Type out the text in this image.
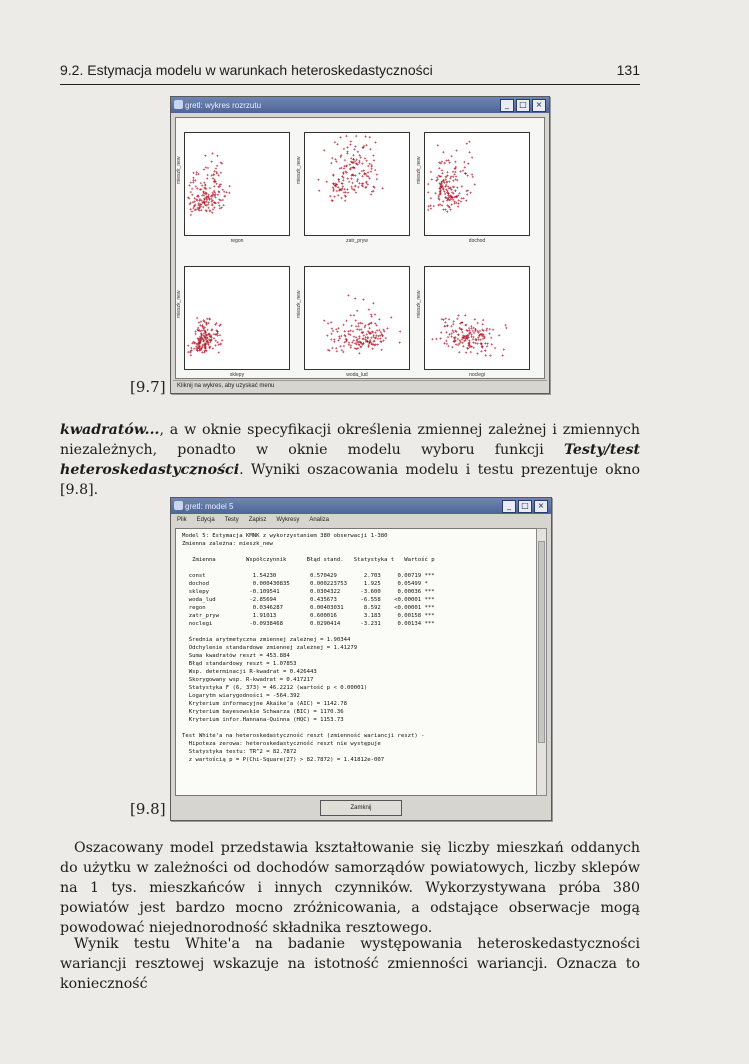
9.2. Estymacja modelu w warunkach heteroskedastyczności	131
gretl: wykres rozrzutu	_	□	×
regon
mieszk_new
zatr_pryw
mieszk_new
dochod
mieszk_new
sklepy
mieszk_new
woda_lud
mieszk_new
noclegi
mieszk_new
Kliknij na wykres, aby uzyskać menu
[9.7]
kwadratów..., a w oknie specyfikacji określenia zmiennej zależnej i zmiennych niezależnych, ponadto w oknie modelu wyboru funkcji Testy/test heteroskedastyczności. Wyniki oszacowania modelu i testu prezentuje okno [9.8].
gretl: model 5	_	□	×
Plik Edycja Testy Zapisz Wykresy Analiza
Model 5: Estymacja KMNK z wykorzystaniem 380 obserwacji 1-380
Zmienna zależna: mieszk_new

Zmienna         Współczynnik      Błąd stand.   Statystyka t   Wartość p

const              1.54230          0.570429        2.703     0.00719 ***
dochod             0.000430835      0.000223753     1.925     0.05499 *
sklepy            -0.109541         0.0304322      -3.600     0.00036 ***
woda_lud          -2.85694          0.435673       -6.558    <0.00001 ***
regon              0.0346287        0.00403031      8.592    <0.00001 ***
zatr_pryw          1.91013          0.600016        3.183     0.00158 ***
noclegi           -0.0938468        0.0290414      -3.231     0.00134 ***

Średnia arytmetyczna zmiennej zależnej = 1.90344
Odchylenie standardowe zmiennej zależnej = 1.41279
Suma kwadratów reszt = 453.884
Błąd standardowy reszt = 1.07853
Wsp. determinacji R-kwadrat = 0.426443
Skorygowany wsp. R-kwadrat = 0.417217
Statystyka F (6, 373) = 46.2212 (wartość p < 0.00001)
Logarytm wiarygodności = -564.392
Kryterium informacyjne Akaike'a (AIC) = 1142.78
Kryterium bayesowskie Schwarza (BIC) = 1170.36
Kryterium infor.Hannana-Quinna (HQC) = 1153.73

Test White'a na heteroskedastyczność reszt (zmienność wariancji reszt) -
Hipoteza zerowa: heteroskedastyczność reszt nie występuje
Statystyka testu: TR^2 = 82.7872
z wartością p = P(Chi-Square(27) > 82.7872) = 1.41812e-007
Zamknij
[9.8]
Oszacowany model przedstawia kształtowanie się liczby mieszkań oddanych do użytku w zależności od dochodów samorządów powiatowych, liczby sklepów na 1 tys. mieszkańców i innych czynników. Wykorzystywana próba 380 powiatów jest bardzo mocno zróżnicowania, a odstające obserwacje mogą powodować niejednorodność składnika resztowego.
Wynik testu White'a na badanie występowania heteroskedastyczności wariancji resztowej wskazuje na istotność zmienności wariancji. Oznacza to konieczność
